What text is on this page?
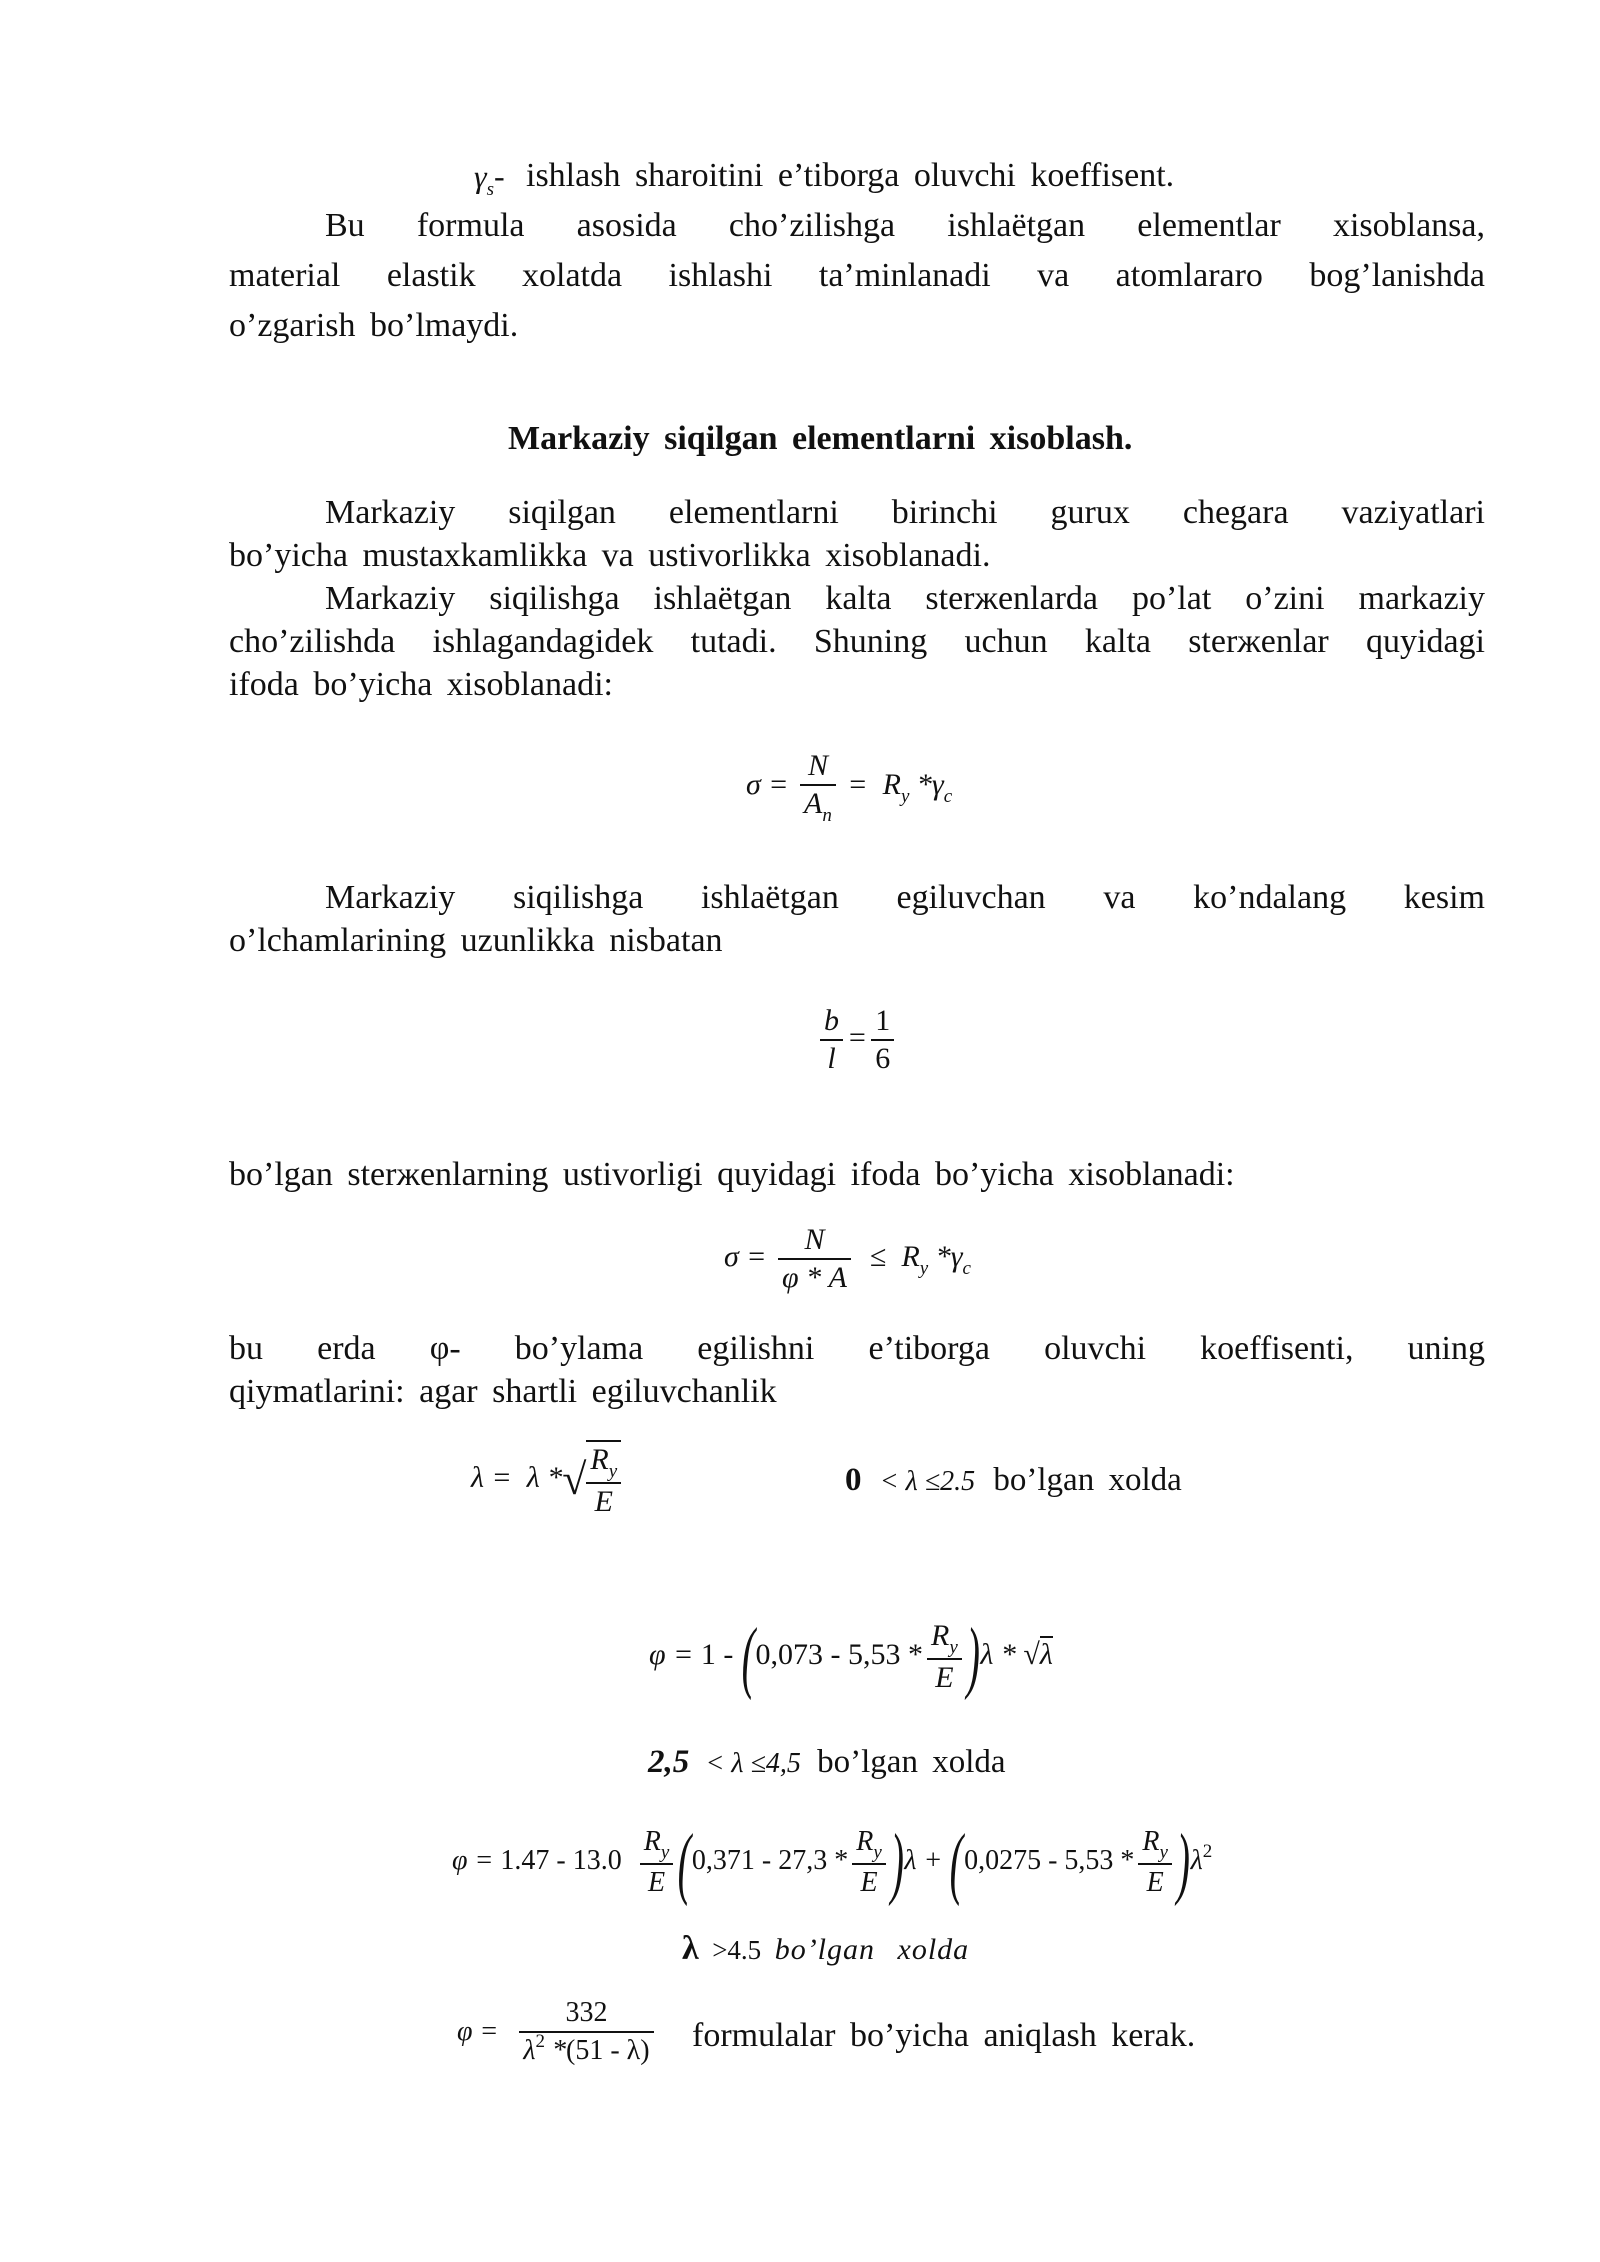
$\gamma_s-$ ishlash sharoitini e’tiborga oluvchi koeffisent.
Bu formula asosida cho’zilishga ishlaëtgan elementlar xisoblansa,
material elastik xolatda ishlashi ta’minlanadi va atomlararo bog’lanishda
o’zgarish bo’lmaydi.
Markaziy siqilgan elementlarni xisoblash.
Markaziy siqilgan elementlarni birinchi gurux chegara vaziyatlari
bo’yicha mustaxkamlikka va ustivorlikka xisoblanadi.
Markaziy siqilishga ishlaëtgan kalta sterжenlarda po’lat o’zini markaziy
cho’zilishda ishlagandagidek tutadi. Shuning uchun kalta sterжenlar quyidagi
ifoda bo’yicha xisoblanadi:
$\sigma = \frac{N}{A_n} = R_y$ $*\gamma_c$
Markaziy siqilishga ishlaëtgan egiluvchan va ko’ndalang kesim
o’lchamlarining uzunlikka nisbatan
$\frac{b}{l} = \frac{1}{6}$
bo’lgan sterжenlarning ustivorligi quyidagi ifoda bo’yicha xisoblanadi:
$\sigma = \frac{N}{\varphi * A} \le R_y$ $*\gamma_c$
bu erda φ- bo’ylama egilishni e’tiborga oluvchi koeffisenti, uning
qiymatlarini: agar shartli egiluvchanlik
λ =  λ *√ $\frac{R_y}{E}$	0 < λ ≤2.5 bo’lgan xolda
$\varphi = 1 - (0,073 - 5,53 * \frac{R_y}{E} )\lambda * √\lambda$
2,5 < λ ≤4,5 bo’lgan xolda
$\varphi = 1.47 - 13.0 \frac{R_y}{E} (0,371 - 27,3 * \frac{R_y}{E} )\lambda + (0,0275 - 5,53 * \frac{R_y}{E} )\lambda^2$
λ >4.5 bo’lgan xolda
$\varphi = \frac{332}{\lambda^2 *(51 - \lambda)}$ formulalar bo’yicha aniqlash kerak.
